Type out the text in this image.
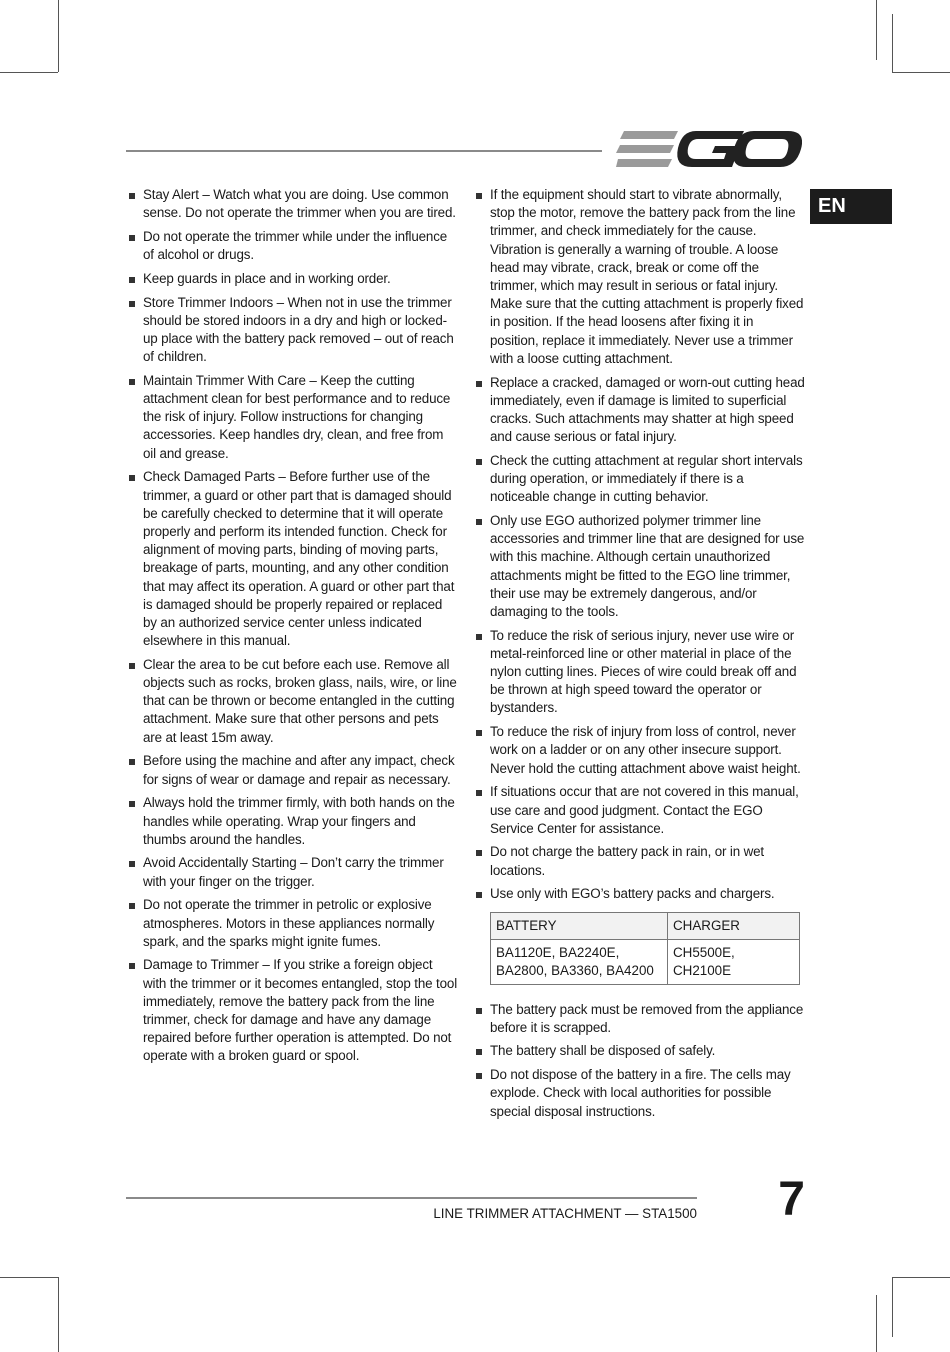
EN
Stay Alert – Watch what you are doing. Use common sense. Do not operate the trimmer when you are tired.
Do not operate the trimmer while under the influence of alcohol or drugs.
Keep guards in place and in working order.
Store Trimmer Indoors – When not in use the trimmer should be stored indoors in a dry and high or locked-up place with the battery pack removed – out of reach of children.
Maintain Trimmer With Care – Keep the cutting attachment clean for best performance and to reduce the risk of injury. Follow instructions for changing accessories. Keep handles dry, clean, and free from oil and grease.
Check Damaged Parts – Before further use of the trimmer, a guard or other part that is damaged should be carefully checked to determine that it will operate properly and perform its intended function. Check for alignment of moving parts, binding of moving parts, breakage of parts, mounting, and any other condition that may affect its operation. A guard or other part that is damaged should be properly repaired or replaced by an authorized service center unless indicated elsewhere in this manual.
Clear the area to be cut before each use. Remove all objects such as rocks, broken glass, nails, wire, or line that can be thrown or become entangled in the cutting attachment. Make sure that other persons and pets are at least 15m away.
Before using the machine and after any impact, check for signs of wear or damage and repair as necessary.
Always hold the trimmer firmly, with both hands on the handles while operating. Wrap your fingers and thumbs around the handles.
Avoid Accidentally Starting – Don’t carry the trimmer with your finger on the trigger.
Do not operate the trimmer in petrolic or explosive atmospheres. Motors in these appliances normally spark, and the sparks might ignite fumes.
Damage to Trimmer – If you strike a foreign object with the trimmer or it becomes entangled, stop the tool immediately, remove the battery pack from the line trimmer, check for damage and have any damage repaired before further operation is attempted. Do not operate with a broken guard or spool.
If the equipment should start to vibrate abnormally, stop the motor, remove the battery pack from the line trimmer, and check immediately for the cause. Vibration is generally a warning of trouble. A loose head may vibrate, crack, break or come off the trimmer, which may result in serious or fatal injury. Make sure that the cutting attachment is properly fixed in position. If the head loosens after fixing it in position, replace it immediately. Never use a trimmer with a loose cutting attachment.
Replace a cracked, damaged or worn-out cutting head immediately, even if damage is limited to superficial cracks. Such attachments may shatter at high speed and cause serious or fatal injury.
Check the cutting attachment at regular short intervals during operation, or immediately if there is a noticeable change in cutting behavior.
Only use EGO authorized polymer trimmer line accessories and trimmer line that are designed for use with this machine. Although certain unauthorized attachments might be fitted to the EGO line trimmer, their use may be extremely dangerous, and/or damaging to the tools.
To reduce the risk of serious injury, never use wire or metal-reinforced line or other material in place of the nylon cutting lines. Pieces of wire could break off and be thrown at high speed toward the operator or bystanders.
To reduce the risk of injury from loss of control, never work on a ladder or on any other insecure support. Never hold the cutting attachment above waist height.
If situations occur that are not covered in this manual, use care and good judgment. Contact the EGO Service Center for assistance.
Do not charge the battery pack in rain, or in wet locations.
Use only with EGO’s battery packs and chargers.
BATTERY	CHARGER
BA1120E, BA2240E, BA2800, BA3360, BA4200	CH5500E, CH2100E
The battery pack must be removed from the appliance before it is scrapped.
The battery shall be disposed of safely.
Do not dispose of the battery in a fire. The cells may explode. Check with local authorities for possible special disposal instructions.
LINE TRIMMER ATTACHMENT — STA1500	7
